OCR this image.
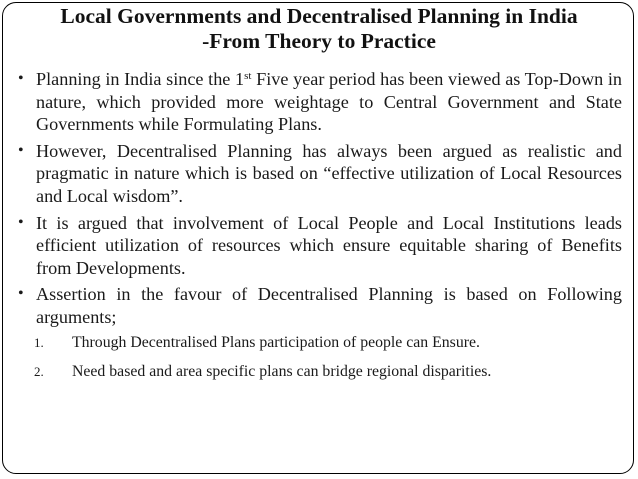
Local Governments and Decentralised Planning in India
-From Theory to Practice
• Planning in India since the 1st Five year period has been viewed as Top-Down in nature, which provided more weightage to Central Government and State Governments while Formulating Plans.
• However, Decentralised Planning has always been argued as realistic and pragmatic in nature which is based on “effective utilization of Local Resources and Local wisdom”.
• It is argued that involvement of Local People and Local Institutions leads efficient utilization of resources which ensure equitable sharing of Benefits from Developments.
• Assertion in the favour of Decentralised Planning is based on Following arguments;
1. Through Decentralised Plans participation of people can Ensure.
2. Need based and area specific plans can bridge regional disparities.
